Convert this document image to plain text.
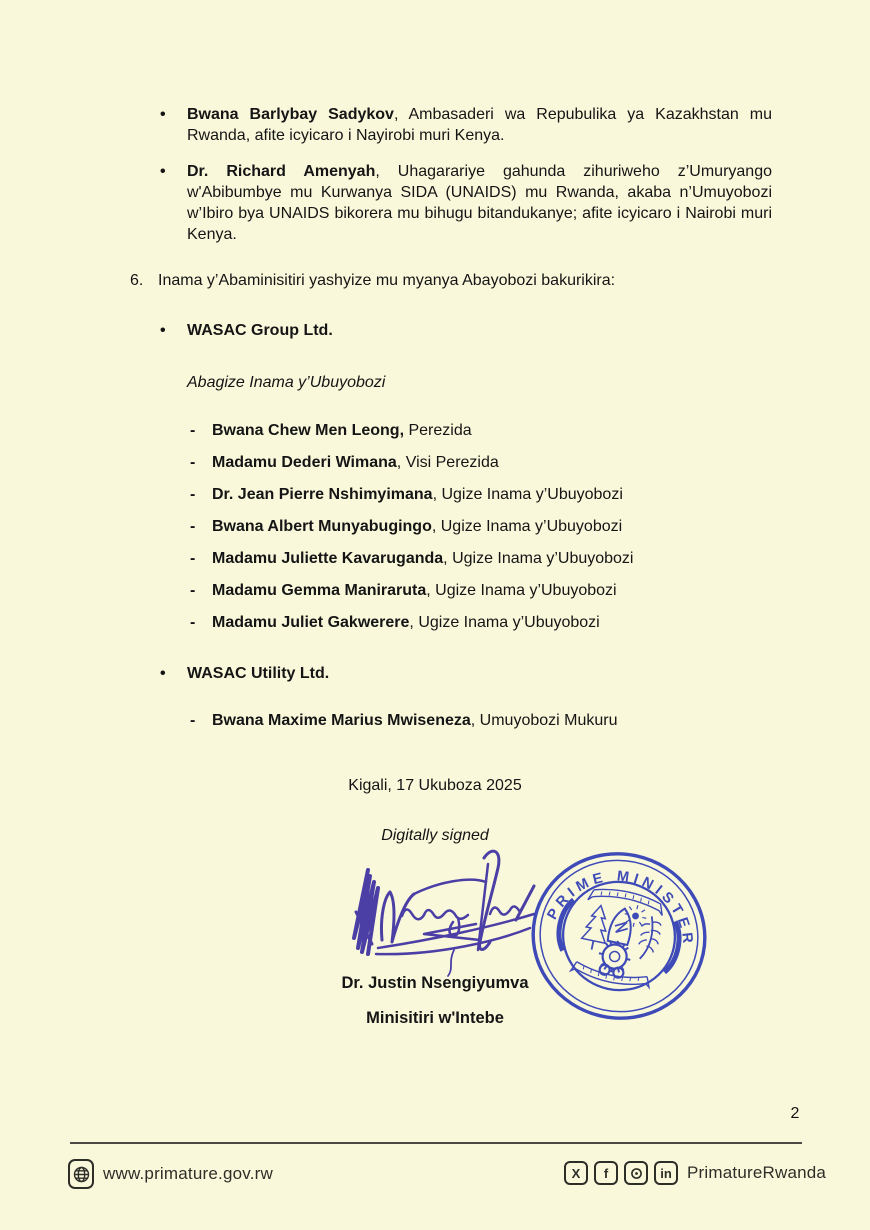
•	Bwana Barlybay Sadykov, Ambasaderi wa Repubulika ya Kazakhstan mu Rwanda, afite icyicaro i Nayirobi muri Kenya.
•	Dr. Richard Amenyah, Uhagarariye gahunda zihuriweho z’Umuryango w'Abibumbye mu Kurwanya SIDA (UNAIDS) mu Rwanda, akaba n’Umuyobozi w’Ibiro bya UNAIDS bikorera mu bihugu bitandukanye; afite icyicaro i Nairobi muri Kenya.
6. Inama y’Abaminisitiri yashyize mu myanya Abayobozi bakurikira:
•	WASAC Group Ltd.
Abagize Inama y’Ubuyobozi
-	Bwana Chew Men Leong, Perezida
-	Madamu Dederi Wimana, Visi Perezida
-	Dr. Jean Pierre Nshimyimana, Ugize Inama y’Ubuyobozi
-	Bwana Albert Munyabugingo, Ugize Inama y’Ubuyobozi
-	Madamu Juliette Kavaruganda, Ugize Inama y’Ubuyobozi
-	Madamu Gemma Maniraruta, Ugize Inama y’Ubuyobozi
-	Madamu Juliet Gakwerere, Ugize Inama y’Ubuyobozi
•	WASAC Utility Ltd.
-	Bwana Maxime Marius Mwiseneza, Umuyobozi Mukuru
Kigali, 17 Ukuboza 2025
Digitally signed
PRIME MINISTER
Dr. Justin Nsengiyumva
Minisitiri w'Intebe
2
www.primature.gov.rw	X f	in PrimatureRwanda
